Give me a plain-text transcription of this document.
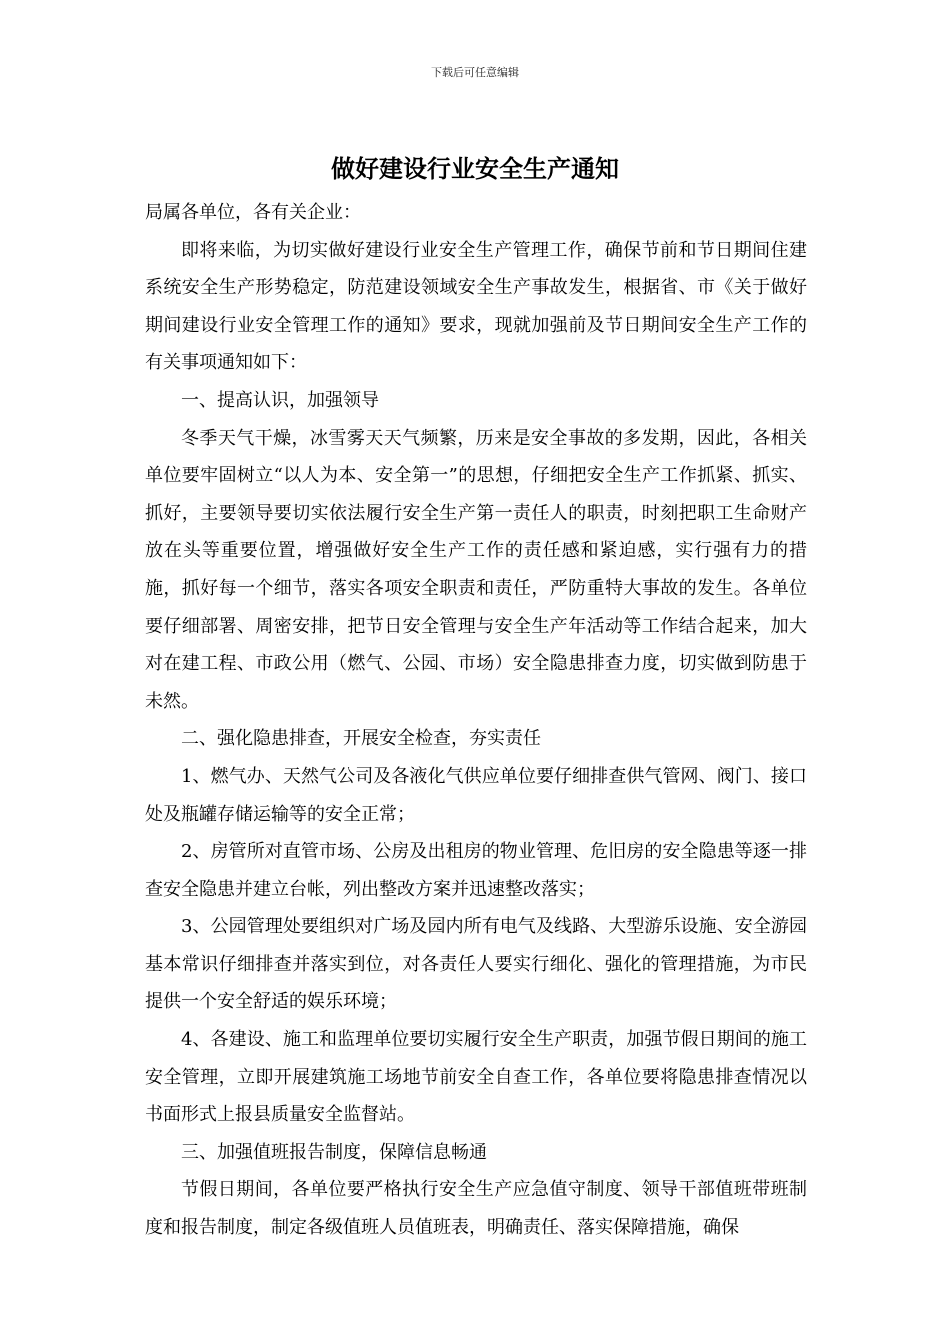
下载后可任意编辑
做好建设行业安全生产通知

局属各单位，各有关企业：

即将来临，为切实做好建设行业安全生产管理工作，确保节前和节日期间住建系统安全生产形势稳定，防范建设领域安全生产事故发生，根据省、市《关于做好期间建设行业安全管理工作的通知》要求，现就加强前及节日期间安全生产工作的有关事项通知如下：

一、提高认识，加强领导

冬季天气干燥，冰雪雾天天气频繁，历来是安全事故的多发期，因此，各相关单位要牢固树立“以人为本、安全第一”的思想，仔细把安全生产工作抓紧、抓实、抓好，主要领导要切实依法履行安全生产第一责任人的职责，时刻把职工生命财产放在头等重要位置，增强做好安全生产工作的责任感和紧迫感，实行强有力的措施，抓好每一个细节，落实各项安全职责和责任，严防重特大事故的发生。各单位要仔细部署、周密安排，把节日安全管理与安全生产年活动等工作结合起来，加大对在建工程、市政公用（燃气、公园、市场）安全隐患排查力度，切实做到防患于未然。

二、强化隐患排查，开展安全检查，夯实责任

1、燃气办、天然气公司及各液化气供应单位要仔细排查供气管网、阀门、接口处及瓶罐存储运输等的安全正常；

2、房管所对直管市场、公房及出租房的物业管理、危旧房的安全隐患等逐一排查安全隐患并建立台帐，列出整改方案并迅速整改落实；

3、公园管理处要组织对广场及园内所有电气及线路、大型游乐设施、安全游园基本常识仔细排查并落实到位，对各责任人要实行细化、强化的管理措施，为市民提供一个安全舒适的娱乐环境；

4、各建设、施工和监理单位要切实履行安全生产职责，加强节假日期间的施工安全管理，立即开展建筑施工场地节前安全自查工作，各单位要将隐患排查情况以书面形式上报县质量安全监督站。

三、加强值班报告制度，保障信息畅通

节假日期间，各单位要严格执行安全生产应急值守制度、领导干部值班带班制度和报告制度，制定各级值班人员值班表，明确责任、落实保障措施，确保
